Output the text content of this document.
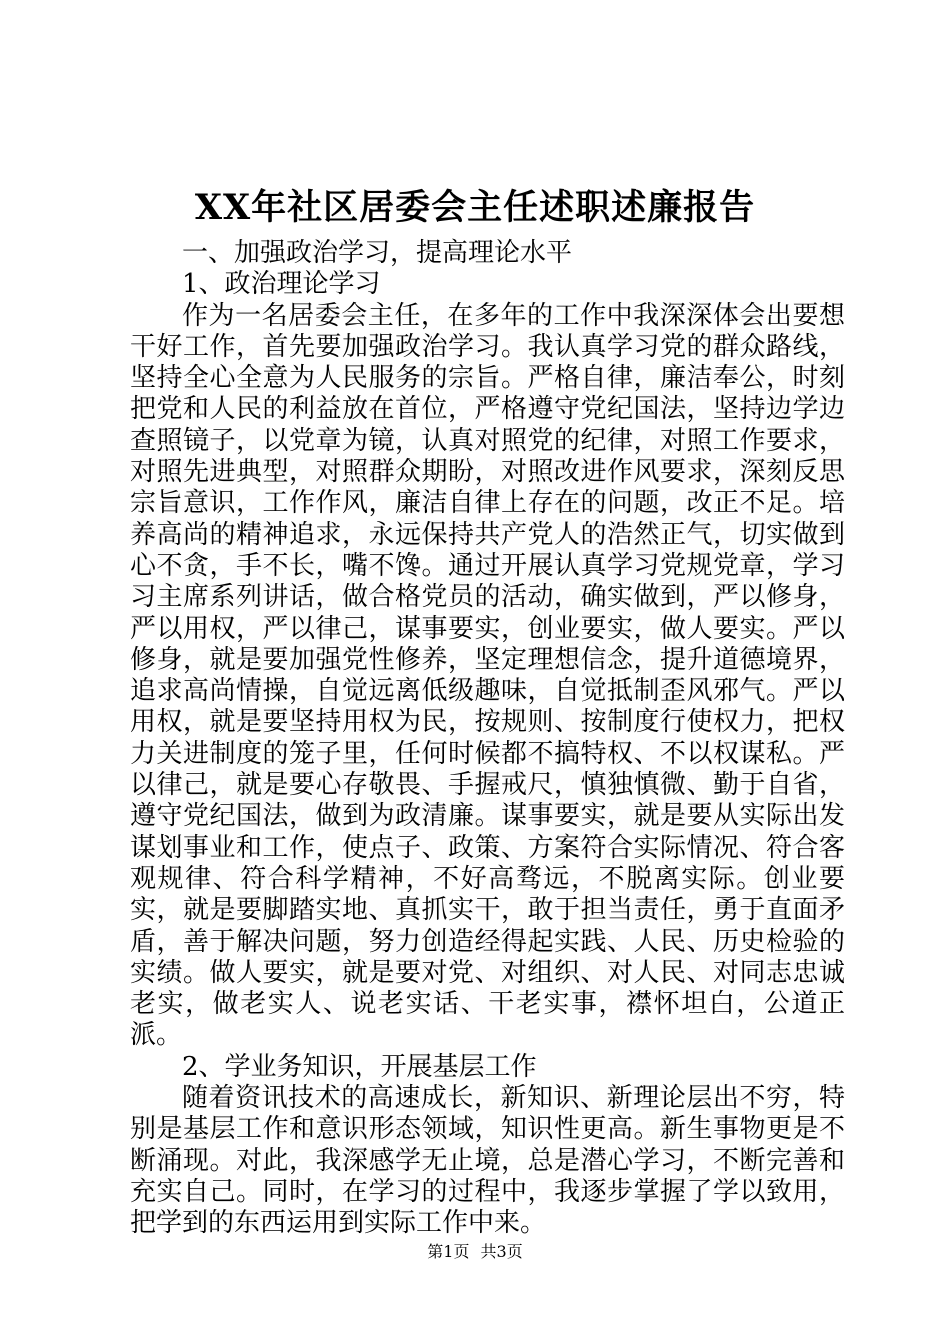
XX年社区居委会主任述职述廉报告

一、加强政治学习，提高理论水平

1、政治理论学习

作为一名居委会主任，在多年的工作中我深深体会出要想干好工作，首先要加强政治学习。我认真学习党的群众路线，坚持全心全意为人民服务的宗旨。严格自律，廉洁奉公，时刻把党和人民的利益放在首位，严格遵守党纪国法，坚持边学边查照镜子，以党章为镜，认真对照党的纪律，对照工作要求，对照先进典型，对照群众期盼，对照改进作风要求，深刻反思宗旨意识，工作作风，廉洁自律上存在的问题，改正不足。培养高尚的精神追求，永远保持共产党人的浩然正气，切实做到心不贪，手不长，嘴不馋。通过开展认真学习党规党章，学习习主席系列讲话，做合格党员的活动，确实做到，严以修身，严以用权，严以律己，谋事要实，创业要实，做人要实。严以修身，就是要加强党性修养，坚定理想信念，提升道德境界，追求高尚情操，自觉远离低级趣味，自觉抵制歪风邪气。严以用权，就是要坚持用权为民，按规则、按制度行使权力，把权力关进制度的笼子里，任何时候都不搞特权、不以权谋私。严以律己，就是要心存敬畏、手握戒尺，慎独慎微、勤于自省，遵守党纪国法，做到为政清廉。谋事要实，就是要从实际出发谋划事业和工作，使点子、政策、方案符合实际情况、符合客观规律、符合科学精神，不好高骛远，不脱离实际。创业要实，就是要脚踏实地、真抓实干，敢于担当责任，勇于直面矛盾，善于解决问题，努力创造经得起实践、人民、历史检验的实绩。做人要实，就是要对党、对组织、对人民、对同志忠诚老实，做老实人、说老实话、干老实事，襟怀坦白，公道正派。

2、学业务知识，开展基层工作

随着资讯技术的高速成长，新知识、新理论层出不穷，特别是基层工作和意识形态领域，知识性更高。新生事物更是不断涌现。对此，我深感学无止境，总是潜心学习，不断完善和充实自己。同时，在学习的过程中，我逐步掌握了学以致用，把学到的东西运用到实际工作中来。

第1页 共3页
